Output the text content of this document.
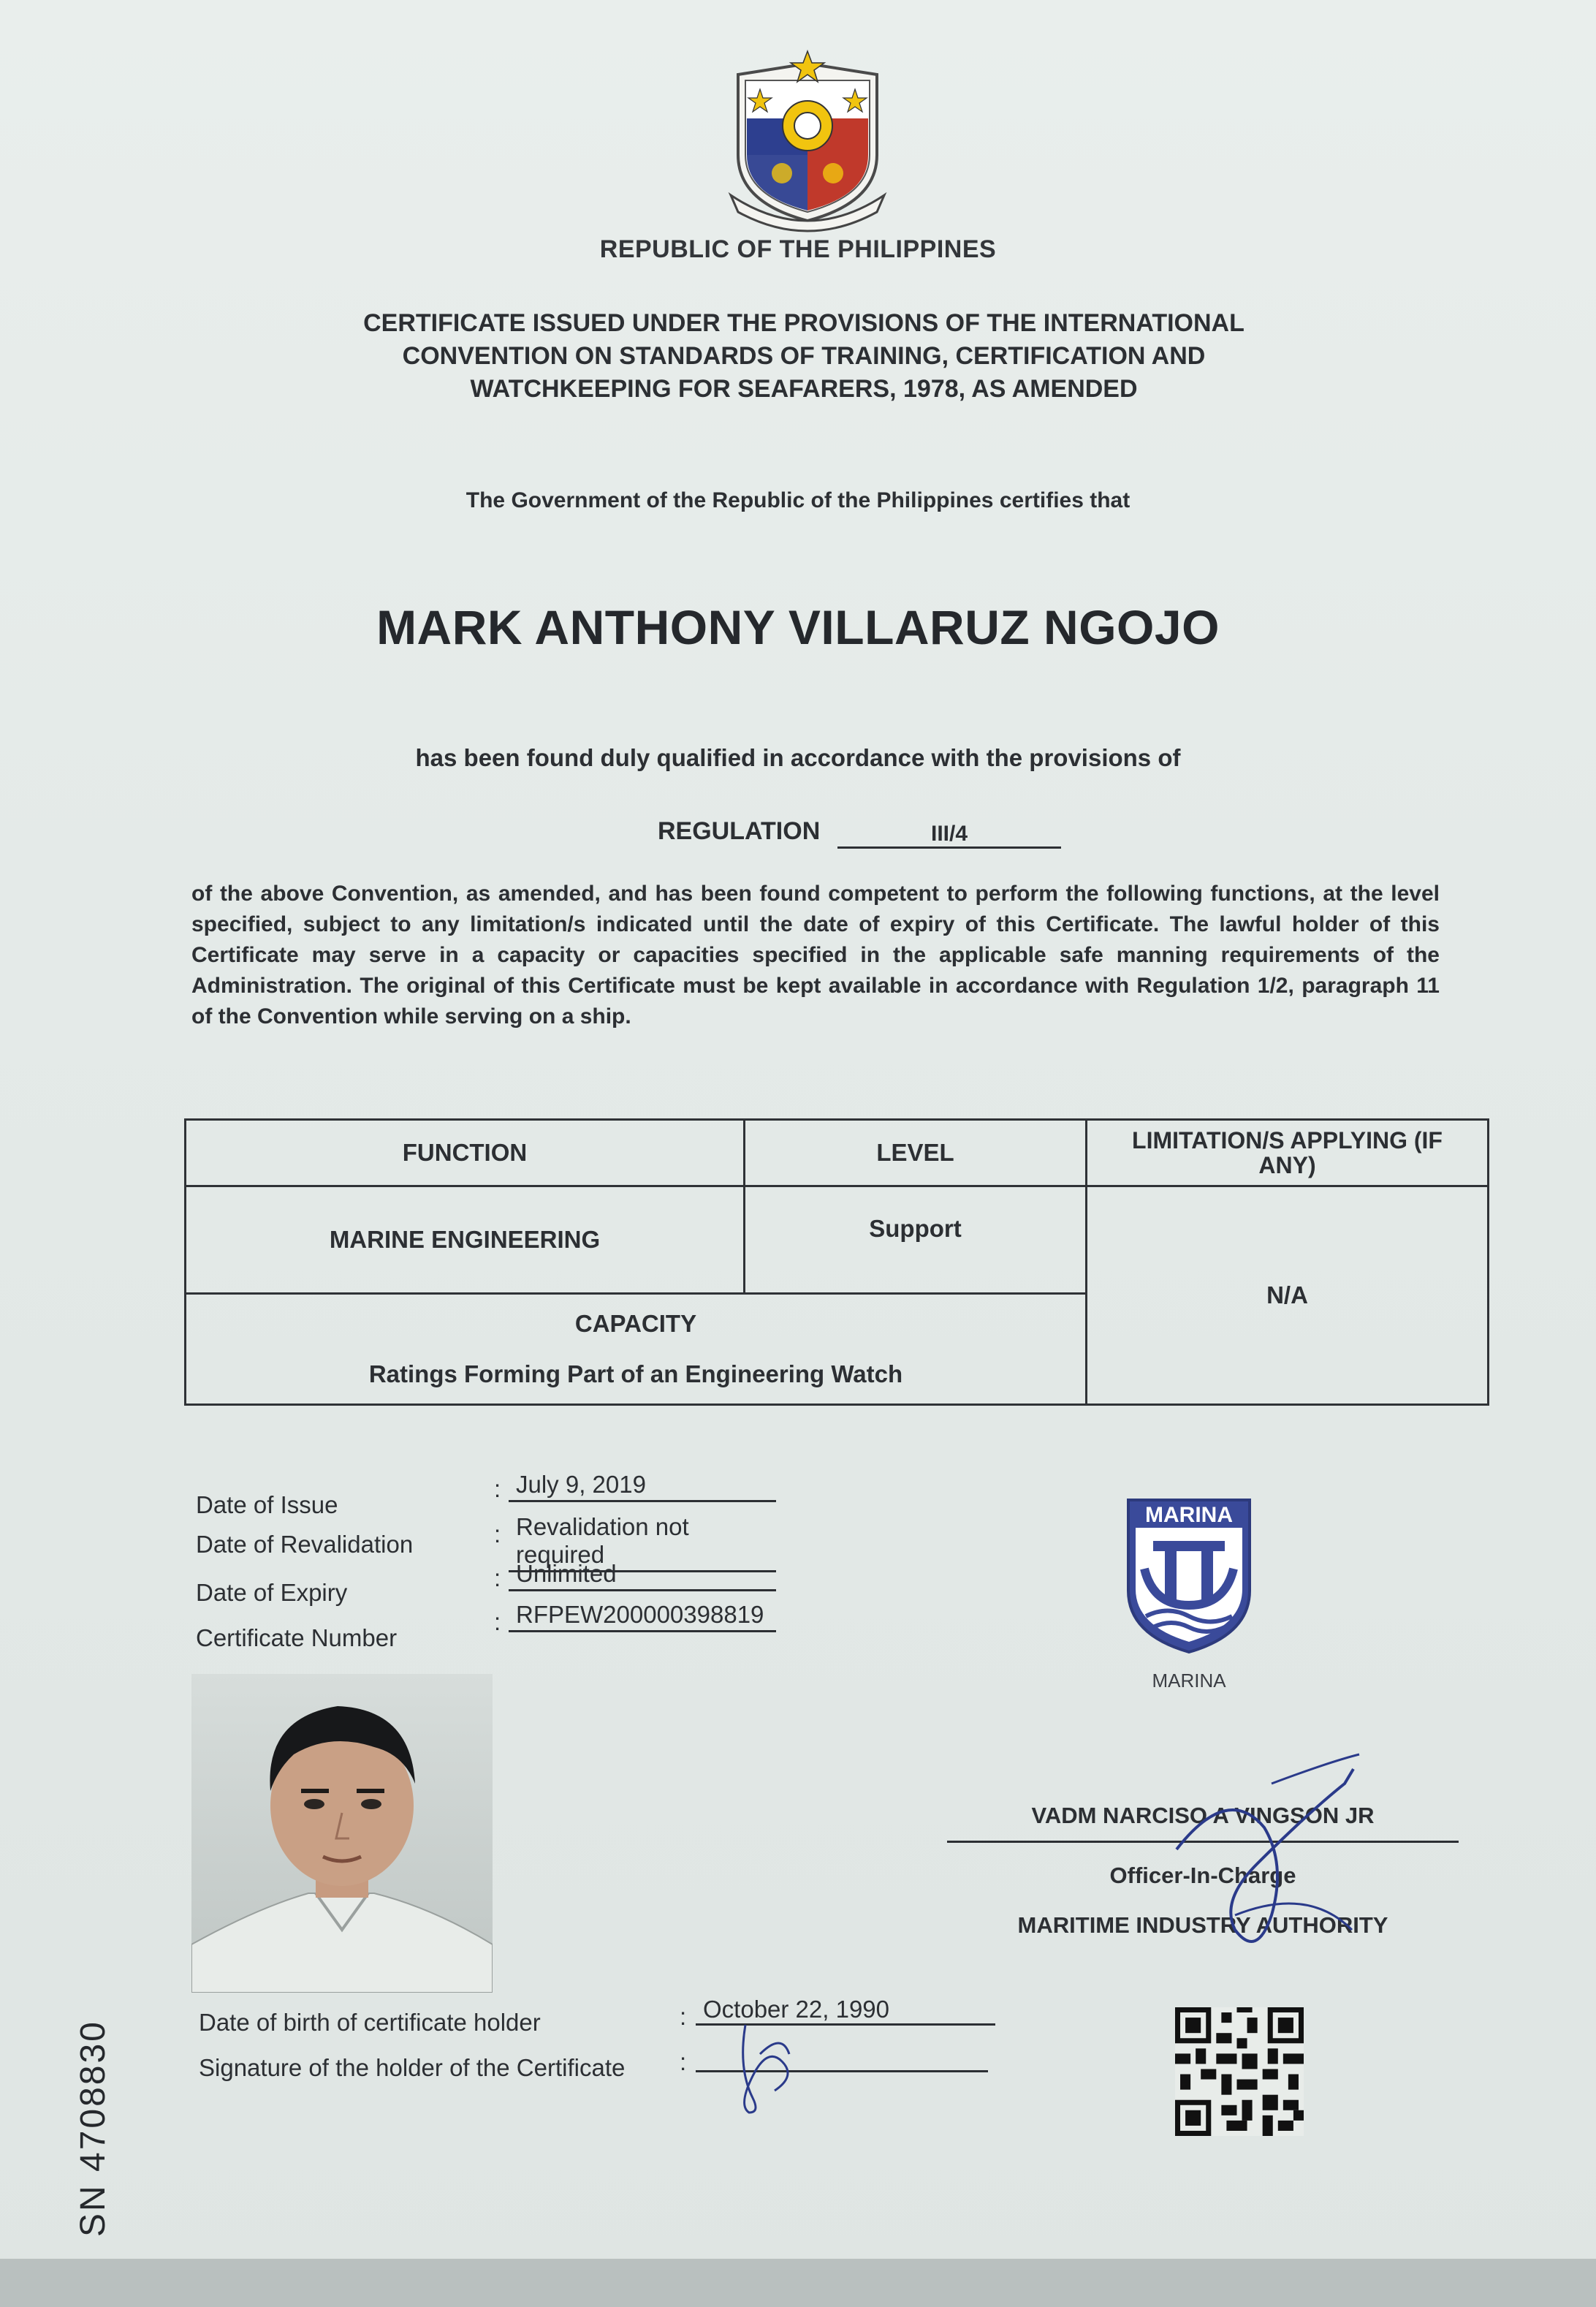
REPUBLIC OF THE PHILIPPINES
CERTIFICATE ISSUED UNDER THE PROVISIONS OF THE INTERNATIONAL
CONVENTION ON STANDARDS OF TRAINING, CERTIFICATION AND
WATCHKEEPING FOR SEAFARERS, 1978, AS AMENDED
The Government of the Republic of the Philippines certifies that
MARK ANTHONY VILLARUZ NGOJO
has been found duly qualified in accordance with the provisions of
REGULATION	III/4
of the above Convention, as amended, and has been found competent to perform the following functions, at the level specified, subject to any limitation/s indicated until the date of expiry of this Certificate. The lawful holder of this Certificate may serve in a capacity or capacities specified in the applicable safe manning requirements of the Administration. The original of this Certificate must be kept available in accordance with Regulation 1/2, paragraph 11 of the Convention while serving on a ship.
FUNCTION	LEVEL	LIMITATION/S APPLYING (IF ANY)
MARINE ENGINEERING	Support
N/A
CAPACITY
Ratings Forming Part of an Engineering Watch
Date of Issue
: July 9, 2019
Date of Revalidation	: Revalidation not required
Date of Expiry
: Unlimited
Certificate Number
: RFPEW200000398819
MARINA
MARINA
VADM NARCISO A VINGSON JR
Officer-In-Charge
MARITIME INDUSTRY AUTHORITY
Date of birth of certificate holder	: October 22, 1990
Signature of the holder of the Certificate :
SN 4708830
